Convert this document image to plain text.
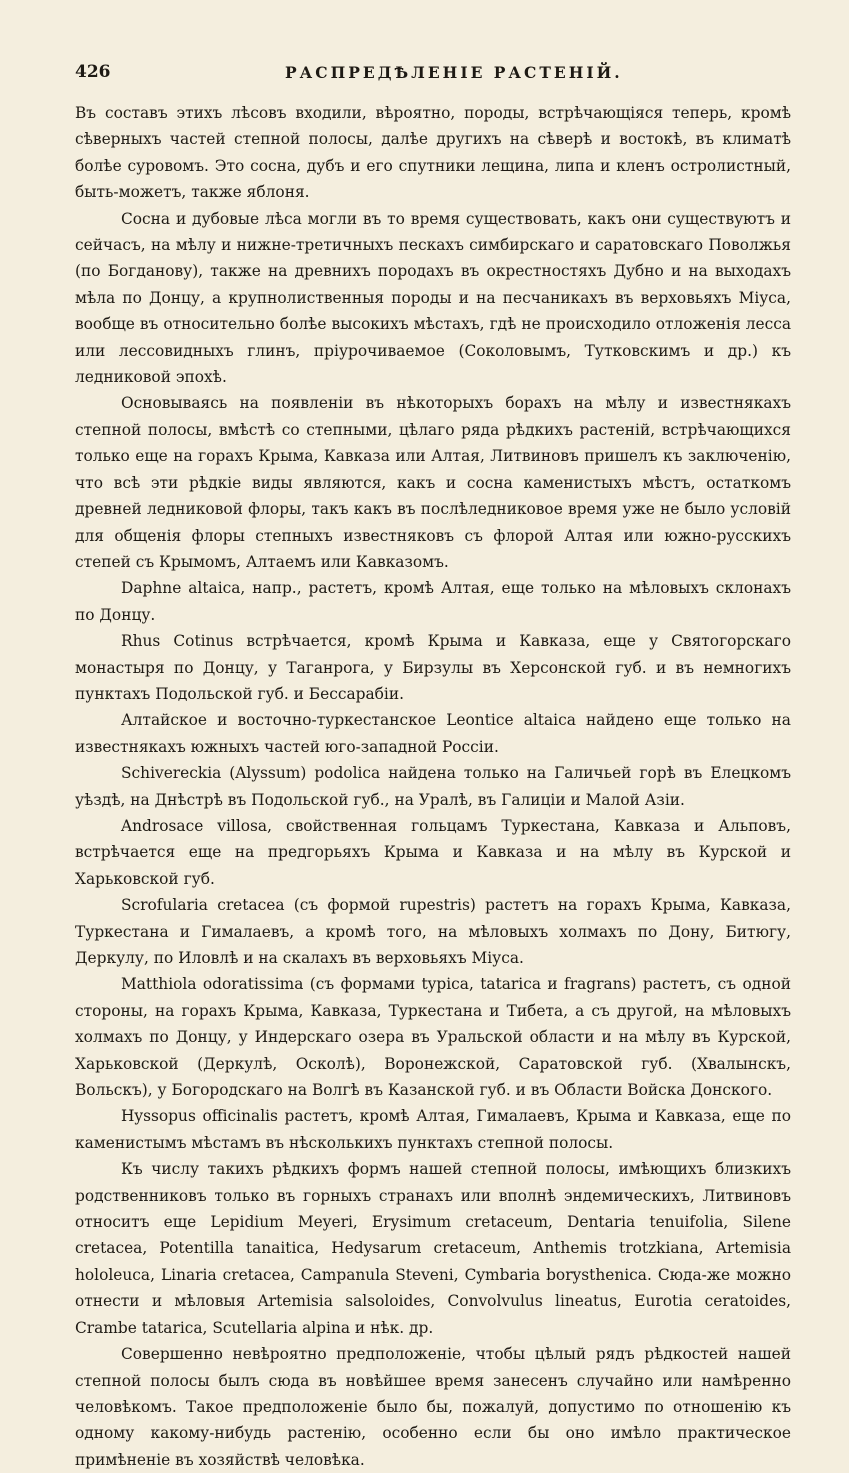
426	РАСПРЕДѢЛЕНІЕ РАСТЕНІЙ.

Въ составъ этихъ лѣсовъ входили, вѣроятно, породы, встрѣчающіяся теперь, кромѣ сѣверныхъ частей степной полосы, далѣе другихъ на сѣверѣ и востокѣ, въ климатѣ болѣе суровомъ. Это сосна, дубъ и его спутники лещина, липа и кленъ остролистный, быть-можетъ, также яблоня.

Сосна и дубовые лѣса могли въ то время существовать, какъ они существуютъ и сейчасъ, на мѣлу и нижне-третичныхъ пескахъ симбирскаго и саратовскаго Поволжья (по Богданову), также на древнихъ породахъ въ окрестностяхъ Дубно и на выходахъ мѣла по Донцу, а крупнолиственныя породы и на песчаникахъ въ верховьяхъ Міуса, вообще въ относительно болѣе высокихъ мѣстахъ, гдѣ не происходило отложенія лесса или лессовидныхъ глинъ, пріурочиваемое (Соколовымъ, Тутковскимъ и др.) къ ледниковой эпохѣ.

Основываясь на появленіи въ нѣкоторыхъ борахъ на мѣлу и известнякахъ степной полосы, вмѣстѣ со степными, цѣлаго ряда рѣдкихъ растеній, встрѣчающихся только еще на горахъ Крыма, Кавказа или Алтая, Литвиновъ пришелъ къ заключенію, что всѣ эти рѣдкіе виды являются, какъ и сосна каменистыхъ мѣстъ, остаткомъ древней ледниковой флоры, такъ какъ въ послѣледниковое время уже не было условій для общенія флоры степныхъ известняковъ съ флорой Алтая или южно-русскихъ степей съ Крымомъ, Алтаемъ или Кавказомъ.

Daphne altaica, напр., растетъ, кромѣ Алтая, еще только на мѣловыхъ склонахъ по Донцу.

Rhus Cotinus встрѣчается, кромѣ Крыма и Кавказа, еще у Святогорскаго монастыря по Донцу, у Таганрога, у Бирзулы въ Херсонской губ. и въ немногихъ пунктахъ Подольской губ. и Бессарабіи.

Алтайское и восточно-туркестанское Leontice altaica найдено еще только на известнякахъ южныхъ частей юго-западной Россіи.

Schivereckia (Alyssum) podolica найдена только на Галичьей горѣ въ Елецкомъ уѣздѣ, на Днѣстрѣ въ Подольской губ., на Уралѣ, въ Галиціи и Малой Азіи.

Androsace villosa, свойственная гольцамъ Туркестана, Кавказа и Альповъ, встрѣчается еще на предгорьяхъ Крыма и Кавказа и на мѣлу въ Курской и Харьковской губ.

Scrofularia cretacea (съ формой rupestris) растетъ на горахъ Крыма, Кавказа, Туркестана и Гималаевъ, а кромѣ того, на мѣловыхъ холмахъ по Дону, Битюгу, Деркулу, по Иловлѣ и на скалахъ въ верховьяхъ Міуса.

Matthiola odoratissima (съ формами typica, tatarica и fragrans) растетъ, съ одной стороны, на горахъ Крыма, Кавказа, Туркестана и Тибета, а съ другой, на мѣловыхъ холмахъ по Донцу, у Индерскаго озера въ Уральской области и на мѣлу въ Курской, Харьковской (Деркулѣ, Осколѣ), Воронежской, Саратовской губ. (Хвалынскъ, Вольскъ), у Богородскаго на Волгѣ въ Казанской губ. и въ Области Войска Донского.

Hyssopus officinalis растетъ, кромѣ Алтая, Гималаевъ, Крыма и Кавказа, еще по каменистымъ мѣстамъ въ нѣсколькихъ пунктахъ степной полосы.

Къ числу такихъ рѣдкихъ формъ нашей степной полосы, имѣющихъ близкихъ родственниковъ только въ горныхъ странахъ или вполнѣ эндемическихъ, Литвиновъ относитъ еще Lepidium Meyeri, Erysimum cretaceum, Dentaria tenuifolia, Silene cretacea, Potentilla tanaitica, Hedysarum cretaceum, Anthemis trotzkiana, Artemisia hololeuca, Linaria cretacea, Campanula Steveni, Cymbaria borysthenica. Сюда-же можно отнести и мѣловыя Artemisia salsoloides, Convolvulus lineatus, Eurotia ceratoides, Crambe tatarica, Scutellaria alpina и нѣк. др.

Совершенно невѣроятно предположеніе, чтобы цѣлый рядъ рѣдкостей нашей степной полосы былъ сюда въ новѣйшее время занесенъ случайно или намѣренно человѣкомъ. Такое предположеніе было бы, пожалуй, допустимо по отношенію къ одному какому-нибудь растенію, особенно если бы оно имѣло практическое примѣненіе въ хозяйствѣ человѣка.
